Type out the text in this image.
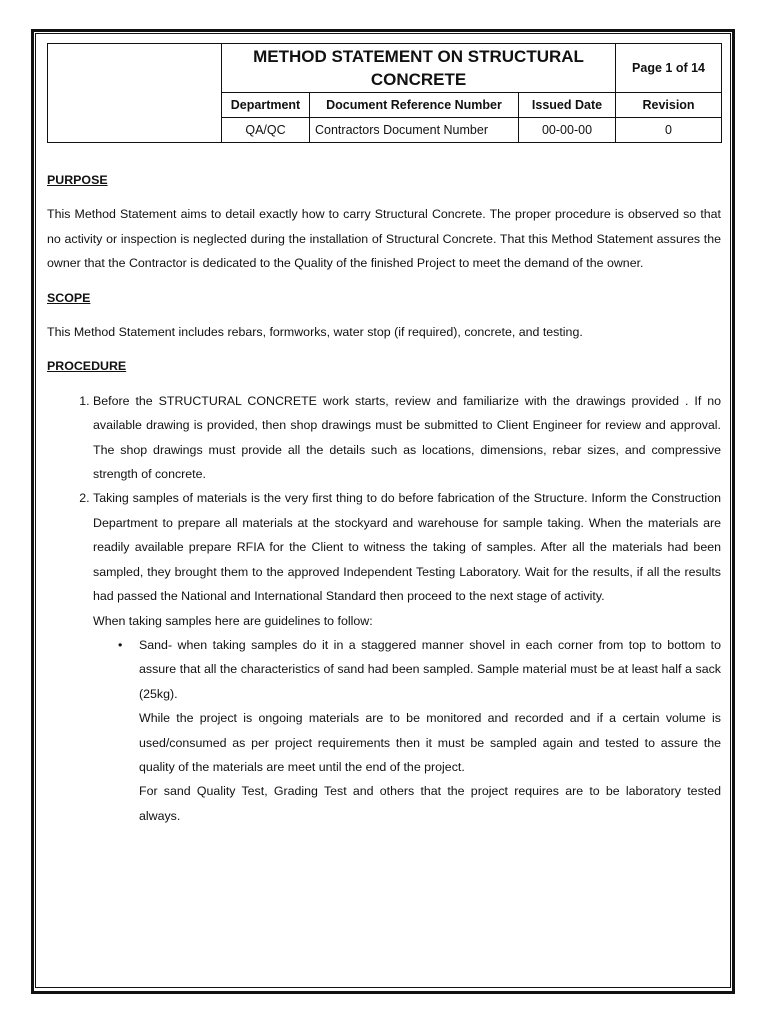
	METHOD STATEMENT ON STRUCTURAL CONCRETE			Page 1 of 14
	Department	Document Reference Number	Issued Date	Revision
	QA/QC	Contractors Document Number	00-00-00	0

PURPOSE

This Method Statement aims to detail exactly how to carry Structural Concrete. The proper procedure is observed so that no activity or inspection is neglected during the installation of Structural Concrete. That this Method Statement assures the owner that the Contractor is dedicated to the Quality of the finished Project to meet the demand of the owner.

SCOPE

This Method Statement includes rebars, formworks, water stop (if required), concrete, and testing.

PROCEDURE

1. Before the STRUCTURAL CONCRETE work starts, review and familiarize with the drawings provided . If no available drawing is provided, then shop drawings must be submitted to Client Engineer for review and approval. The shop drawings must provide all the details such as locations, dimensions, rebar sizes, and compressive strength of concrete.
2. Taking samples of materials is the very first thing to do before fabrication of the Structure. Inform the Construction Department to prepare all materials at the stockyard and warehouse for sample taking. When the materials are readily available prepare RFIA for the Client to witness the taking of samples. After all the materials had been sampled, they brought them to the approved Independent Testing Laboratory. Wait for the results, if all the results had passed the National and International Standard then proceed to the next stage of activity.

When taking samples here are guidelines to follow:

• Sand- when taking samples do it in a staggered manner shovel in each corner from top to bottom to assure that all the characteristics of sand had been sampled. Sample material must be at least half a sack (25kg).

While the project is ongoing materials are to be monitored and recorded and if a certain volume is used/consumed as per project requirements then it must be sampled again and tested to assure the quality of the materials are meet until the end of the project.

For sand Quality Test, Grading Test and others that the project requires are to be laboratory tested always.
